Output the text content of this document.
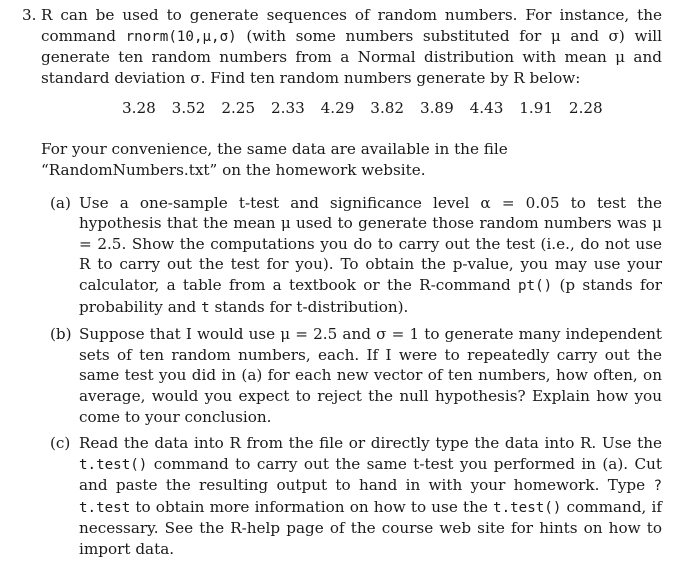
3. R can be used to generate sequences of random numbers. For instance, the command rnorm(10,μ,σ) (with some numbers substituted for μ and σ) will generate ten random numbers from a Normal distribution with mean μ and standard deviation σ. Find ten random numbers generate by R below:
3.28 3.52 2.25 2.33 4.29 3.82 3.89 4.43 1.91 2.28
For your convenience, the same data are available in the file “RandomNumbers.txt” on the homework website.
(a) Use a one-sample t-test and significance level α = 0.05 to test the hypothesis that the mean μ used to generate those random numbers was μ = 2.5. Show the computations you do to carry out the test (i.e., do not use R to carry out the test for you). To obtain the p-value, you may use your calculator, a table from a textbook or the R-command pt() (p stands for probability and t stands for t-distribution).
(b) Suppose that I would use μ = 2.5 and σ = 1 to generate many independent sets of ten random numbers, each. If I were to repeatedly carry out the same test you did in (a) for each new vector of ten numbers, how often, on average, would you expect to reject the null hypothesis? Explain how you come to your conclusion.
(c) Read the data into R from the file or directly type the data into R. Use the t.test() command to carry out the same t-test you performed in (a). Cut and paste the resulting output to hand in with your homework. Type ?t.test to obtain more information on how to use the t.test() command, if necessary. See the R-help page of the course web site for hints on how to import data.
